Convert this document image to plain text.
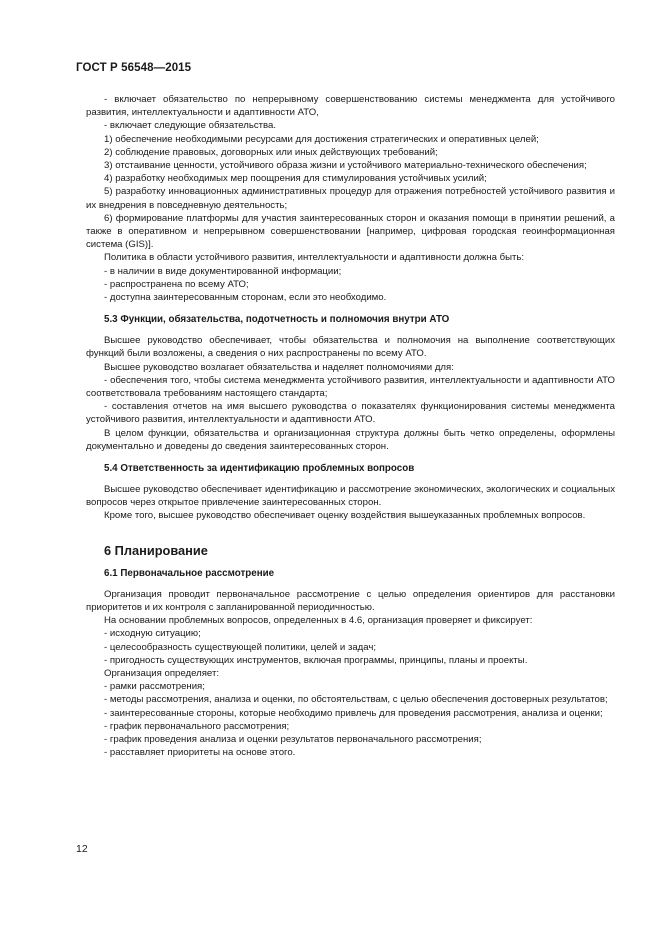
ГОСТ Р 56548—2015

- включает обязательство по непрерывному совершенствованию системы менеджмента для устойчивого развития, интеллектуальности и адаптивности АТО,

- включает следующие обязательства.

1) обеспечение необходимыми ресурсами для достижения стратегических и оперативных целей;

2) соблюдение правовых, договорных или иных действующих требований;

3) отстаивание ценности, устойчивого образа жизни и устойчивого материально-технического обеспечения;

4) разработку необходимых мер поощрения для стимулирования устойчивых усилий;

5) разработку инновационных административных процедур для отражения потребностей устойчивого развития и их внедрения в повседневную деятельность;

6) формирование платформы для участия заинтересованных сторон и оказания помощи в принятии решений, а также в оперативном и непрерывном совершенствовании [например, цифровая городская геоинформационная система (GIS)].

Политика в области устойчивого развития, интеллектуальности и адаптивности должна быть:

- в наличии в виде документированной информации;

- распространена по всему АТО;

- доступна заинтересованным сторонам, если это необходимо.

5.3 Функции, обязательства, подотчетность и полномочия внутри АТО

Высшее руководство обеспечивает, чтобы обязательства и полномочия на выполнение соответствующих функций были возложены, а сведения о них распространены по всему АТО.

Высшее руководство возлагает обязательства и наделяет полномочиями для:

- обеспечения того, чтобы система менеджмента устойчивого развития, интеллектуальности и адаптивности АТО соответствовала требованиям настоящего стандарта;

- составления отчетов на имя высшего руководства о показателях функционирования системы менеджмента устойчивого развития, интеллектуальности и адаптивности АТО.

В целом функции, обязательства и организационная структура должны быть четко определены, оформлены документально и доведены до сведения заинтересованных сторон.

5.4 Ответственность за идентификацию проблемных вопросов

Высшее руководство обеспечивает идентификацию и рассмотрение экономических, экологических и социальных вопросов через открытое привлечение заинтересованных сторон.

Кроме того, высшее руководство обеспечивает оценку воздействия вышеуказанных проблемных вопросов.

6 Планирование
6.1 Первоначальное рассмотрение

Организация проводит первоначальное рассмотрение с целью определения ориентиров для расстановки приоритетов и их контроля с запланированной периодичностью.

На основании проблемных вопросов, определенных в 4.6, организация проверяет и фиксирует:

- исходную ситуацию;

- целесообразность существующей политики, целей и задач;

- пригодность существующих инструментов, включая программы, принципы, планы и проекты.

Организация определяет:

- рамки рассмотрения;

- методы рассмотрения, анализа и оценки, по обстоятельствам, с целью обеспечения достоверных результатов;

- заинтересованные стороны, которые необходимо привлечь для проведения рассмотрения, анализа и оценки;

- график первоначального рассмотрения;

- график проведения анализа и оценки результатов первоначального рассмотрения;

- расставляет приоритеты на основе этого.

12
